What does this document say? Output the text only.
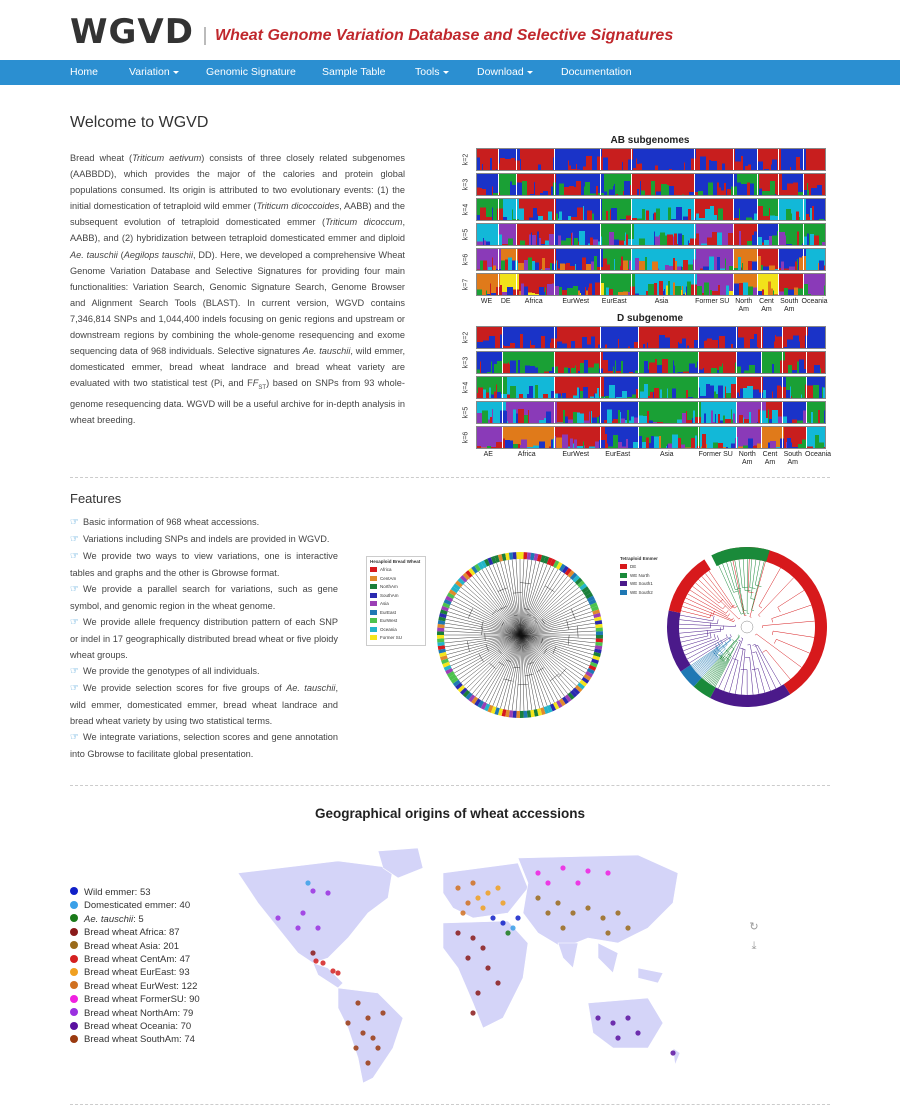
WGVD Wheat Genome Variation Database and Selective Signatures
Home	Variation	Genomic Signature Sample Table	Tools	Download	Documentation
Welcome to WGVD
Bread wheat (Triticum aetivum) consists of three closely related subgenomes (AABBDD), which provides the major of the calories and protein global populations consumed. Its origin is attributed to two evolutionary events: (1) the initial domestication of tetraploid wild emmer (Triticum dicoccoides, AABB) and the subsequent evolution of tetraploid domesticated emmer (Triticum dicoccum, AABB), and (2) hybridization between tetraploid domesticated emmer and diploid Ae. tauschii (Aegilops tauschii, DD). Here, we developed a comprehensive Wheat Genome Variation Database and Selective Signatures for providing four main functionalities: Variation Search, Genomic Signature Search, Genome Browser and Alignment Search Tools (BLAST). In current version, WGVD contains 7,346,814 SNPs and 1,044,400 indels focusing on genic regions and upstream or downstream regions by combining the whole-genome resequencing and exome sequencing data of 968 individuals. Selective signatures Ae. tauschii, wild emmer, domesticated emmer, bread wheat landrace and bread wheat variety are evaluated with two statistical test (Pi, and $FF_{ST}$) based on SNPs from 93 whole-genome resequencing data. WGVD will be a useful archive for in-depth analysis in wheat breeding.
AB subgenomes
k=2
k=3
k=4
k=5
k=6
k=7
WE	DE	Africa	EurWest	EurEast	Asia	Former SU North Am
Cent Am
South Am
Oceania
D subgenome
k=2
k=3
k=4
k=5
k=6
AE	Africa	EurWest	EurEast	Asia	Former SU North Am
Cent Am
South Am
Oceania
Features
☞ Basic information of 968 wheat accessions.
☞ Variations including SNPs and indels are provided in WGVD.
☞ We provide two ways to view variations, one is interactive tables and graphs and the other is Gbrowse format.
☞ We provide a parallel search for variations, such as gene symbol, and genomic region in the wheat genome.
☞ We provide allele frequency distribution pattern of each SNP or indel in 17 geographically distributed bread wheat or five ploidy wheat groups.
☞ We provide the genotypes of all individuals.
☞ We provide selection scores for five groups of Ae. tauschii, wild emmer, domesticated emmer, bread wheat landrace and bread wheat variety by using two statistical terms.
☞ We integrate variations, selection scores and gene annotation into Gbrowse to facilitate global presentation.
Hexaploid Bread Wheat
Africa
CentAm
NorthAm
SouthAm
Asia
EurEast
EurWest
Oceania
Former SU
Tetraploid Emmer
DE
WE North
WE South1
WE South2
Geographical origins of wheat accessions
Wild emmer: 53
Domesticated emmer: 40
Ae. tauschii: 5
Bread wheat Africa: 87
Bread wheat Asia: 201
Bread wheat CentAm: 47
Bread wheat EurEast: 93
Bread wheat EurWest: 122
Bread wheat FormerSU: 90
Bread wheat NorthAm: 79
Bread wheat Oceania: 70
Bread wheat SouthAm: 74
↻
⤓
